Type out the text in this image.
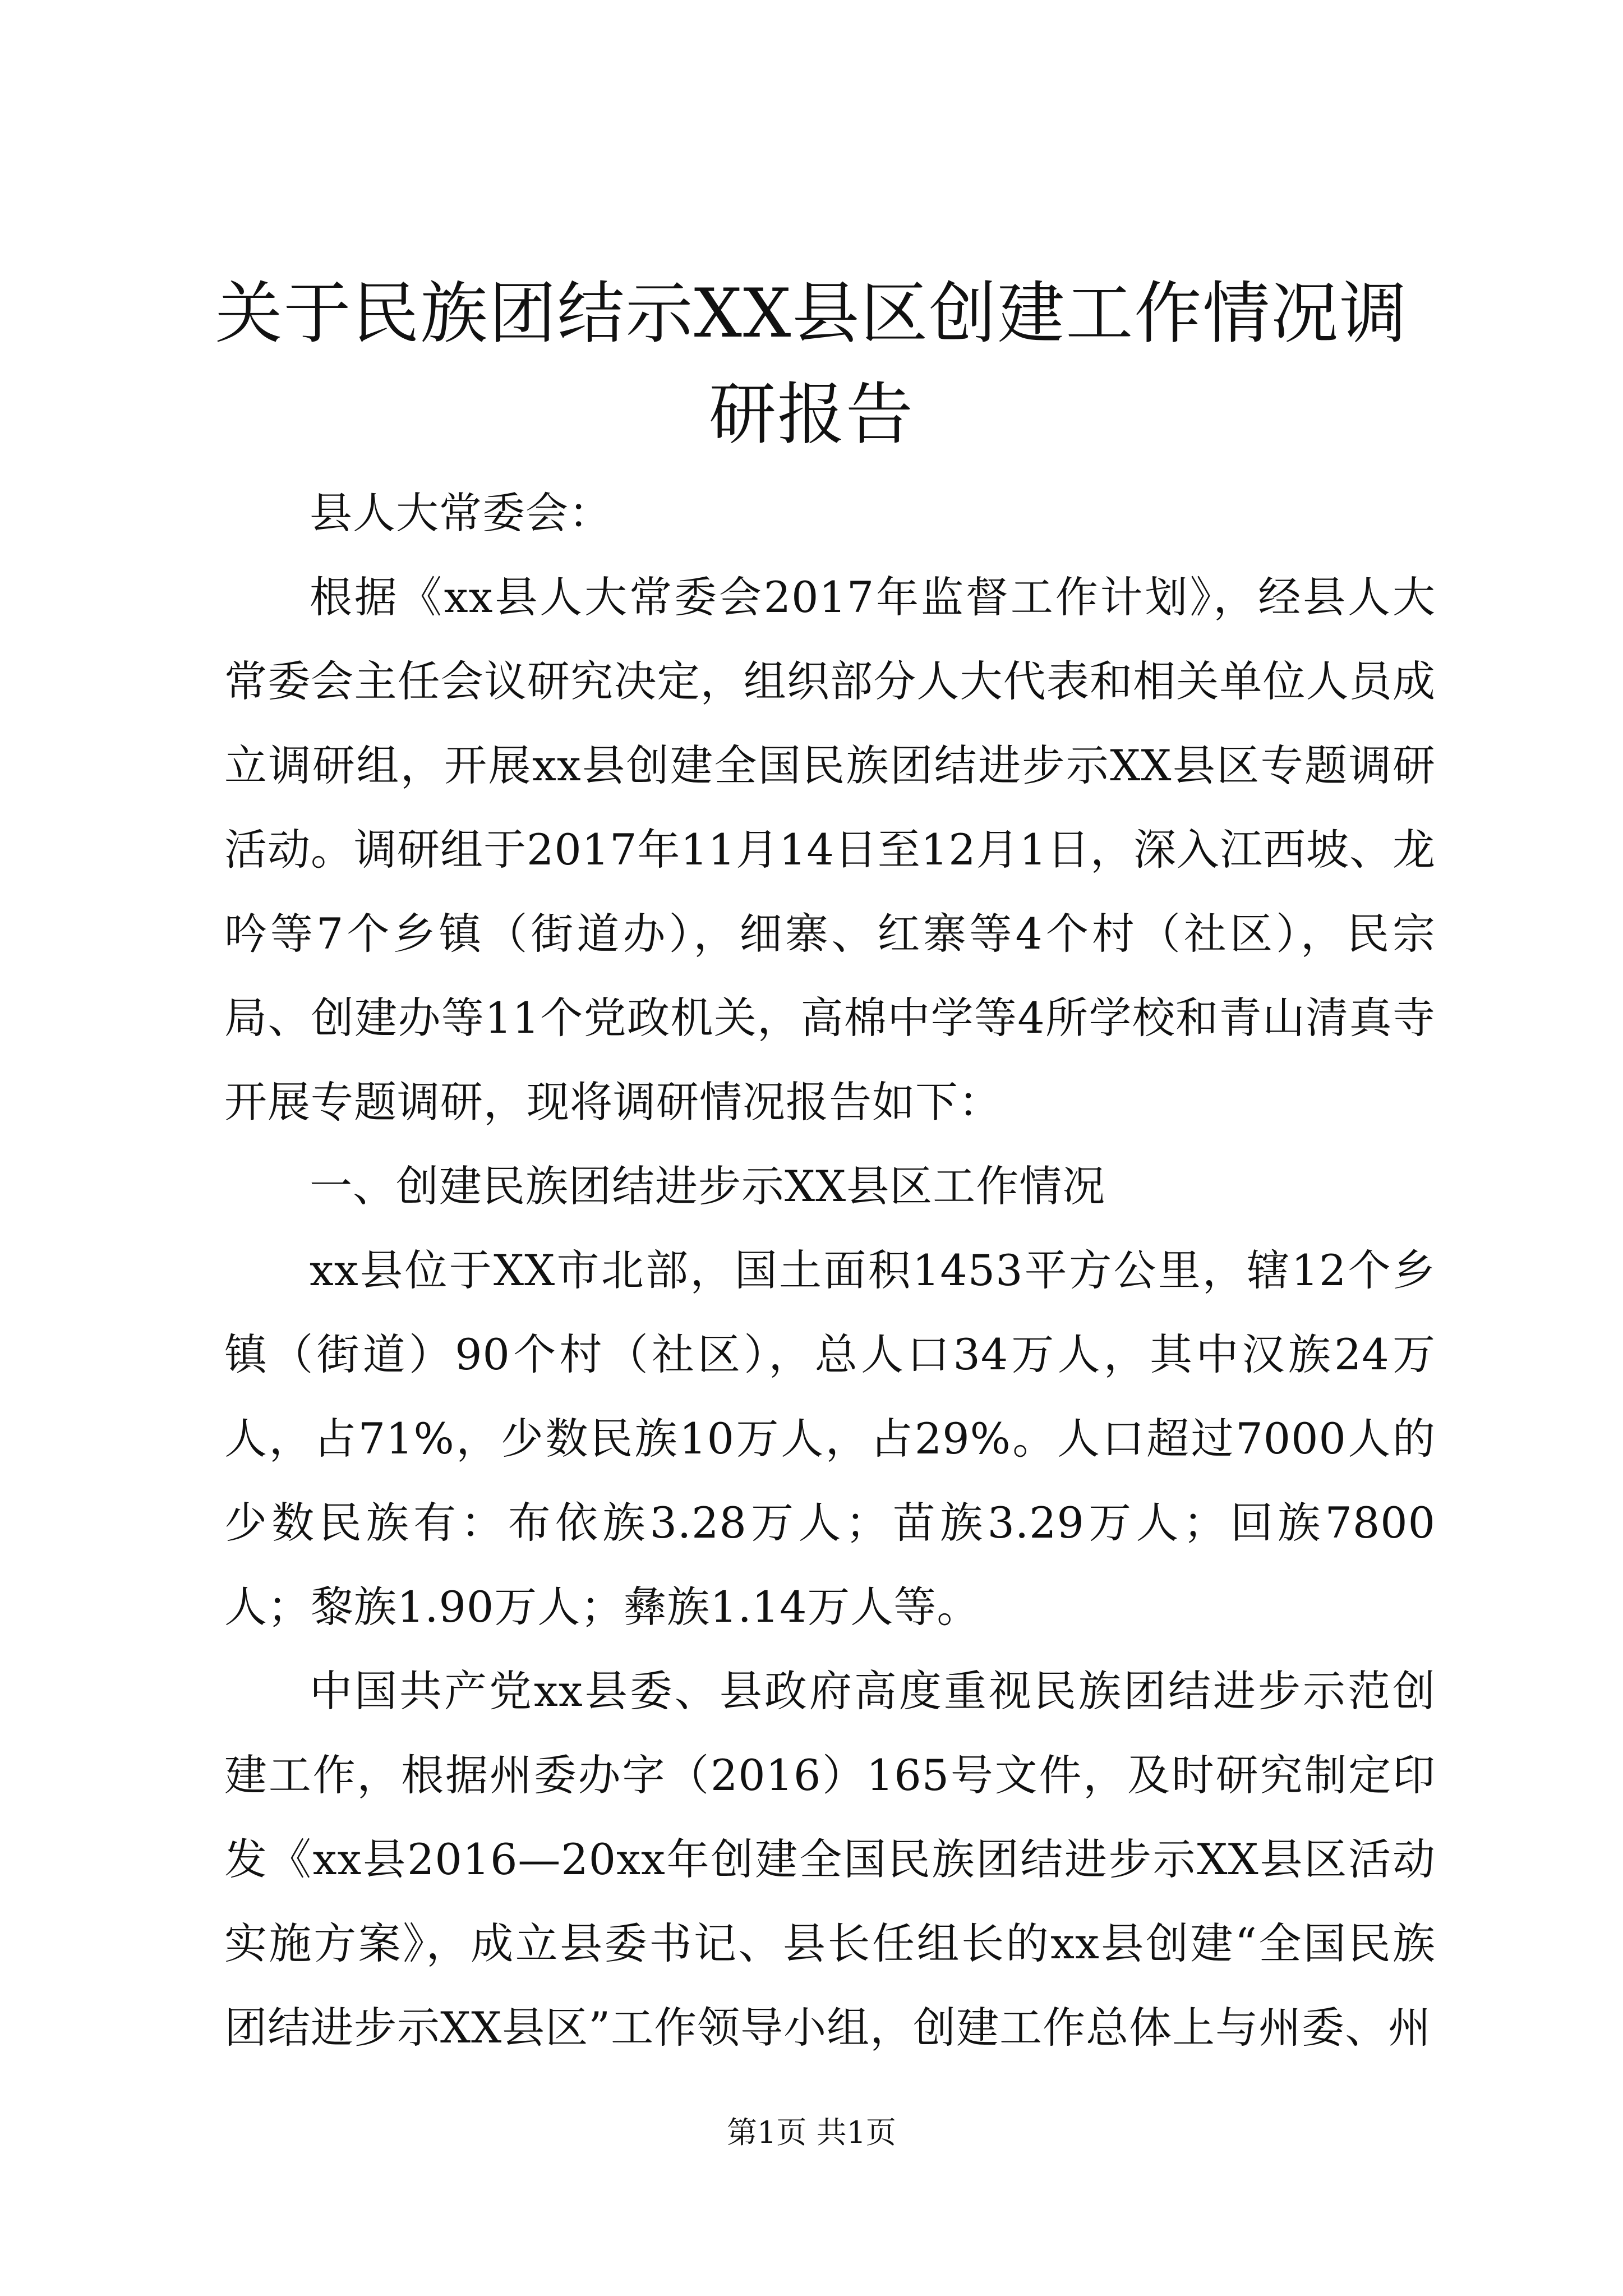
关于民族团结示XX县区创建工作情况调研报告

县人大常委会：

根据《xx县人大常委会2017年监督工作计划》，经县人大常委会主任会议研究决定，组织部分人大代表和相关单位人员成立调研组，开展xx县创建全国民族团结进步示XX县区专题调研活动。调研组于2017年11月14日至12月1日，深入江西坡、龙吟等7个乡镇（街道办），细寨、红寨等4个村（社区），民宗局、创建办等11个党政机关，高棉中学等4所学校和青山清真寺开展专题调研，现将调研情况报告如下：

一、创建民族团结进步示XX县区工作情况

xx县位于XX市北部，国土面积1453平方公里，辖12个乡镇（街道）90个村（社区），总人口34万人，其中汉族24万人，占71%，少数民族10万人，占29%。人口超过7000人的少数民族有：布依族3.28万人；苗族3.29万人；回族7800人；黎族1.90万人；彝族1.14万人等。

中国共产党xx县委、县政府高度重视民族团结进步示范创建工作，根据州委办字（2016）165号文件，及时研究制定印发《xx县2016—20xx年创建全国民族团结进步示XX县区活动实施方案》，成立县委书记、县长任组长的xx县创建“全国民族团结进步示XX县区”工作领导小组，创建工作总体上与州委、州

第1页 共1页
